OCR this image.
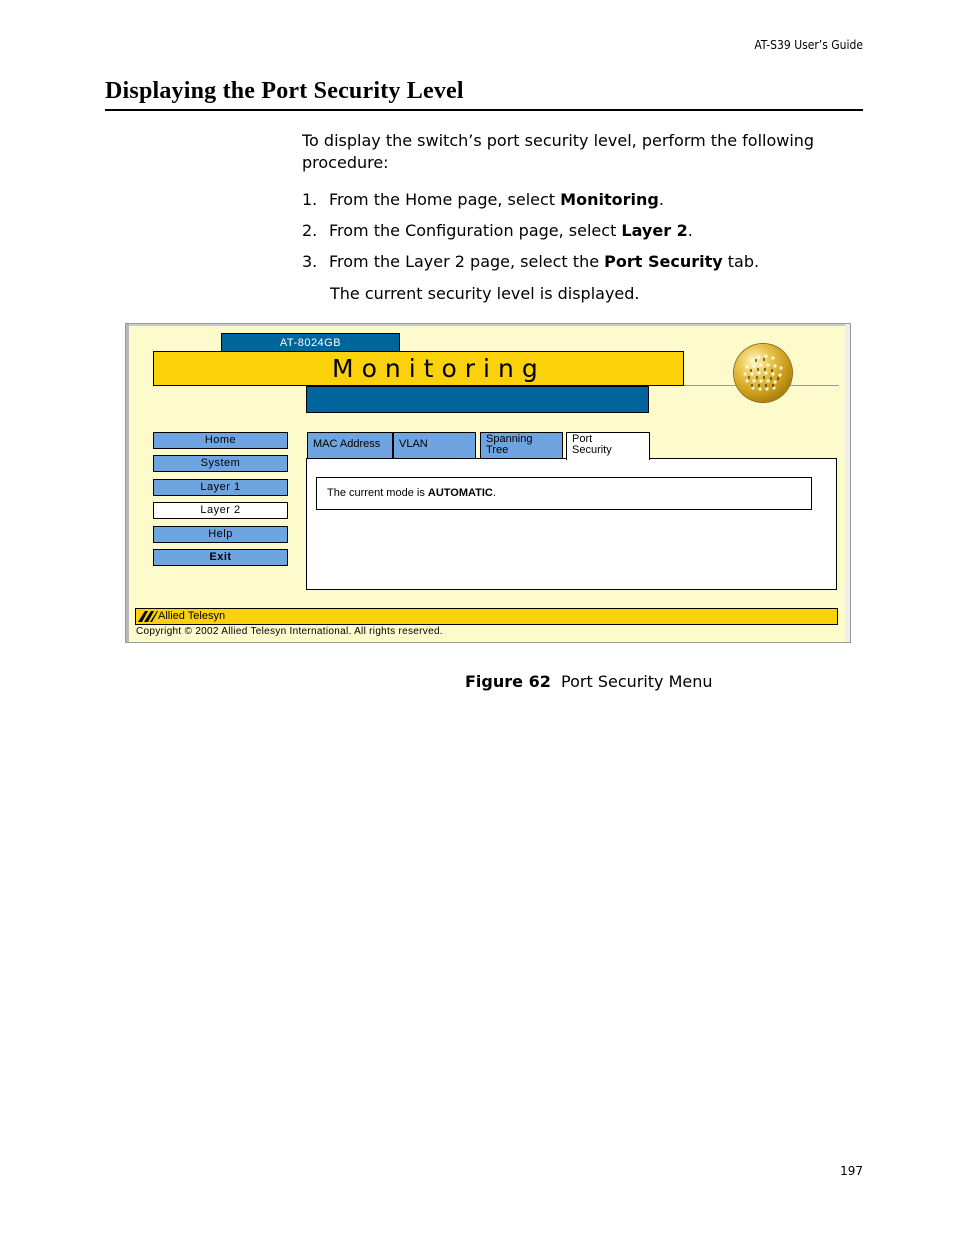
AT-S39 User’s Guide
Displaying the Port Security Level
To display the switch’s port security level, perform the following procedure:
1. From the Home page, select Monitoring.
2. From the Configuration page, select Layer 2.
3. From the Layer 2 page, select the Port Security tab.
The current security level is displayed.
AT-8024GB
Monitoring
Home
System
Layer 1
Layer 2
Help
Exit
MAC Address	VLAN	Spanning
Tree
Port
Security
The current mode is AUTOMATIC.
Allied Telesyn
Copyright © 2002 Allied Telesyn International. All rights reserved.
Figure 62 Port Security Menu
197
